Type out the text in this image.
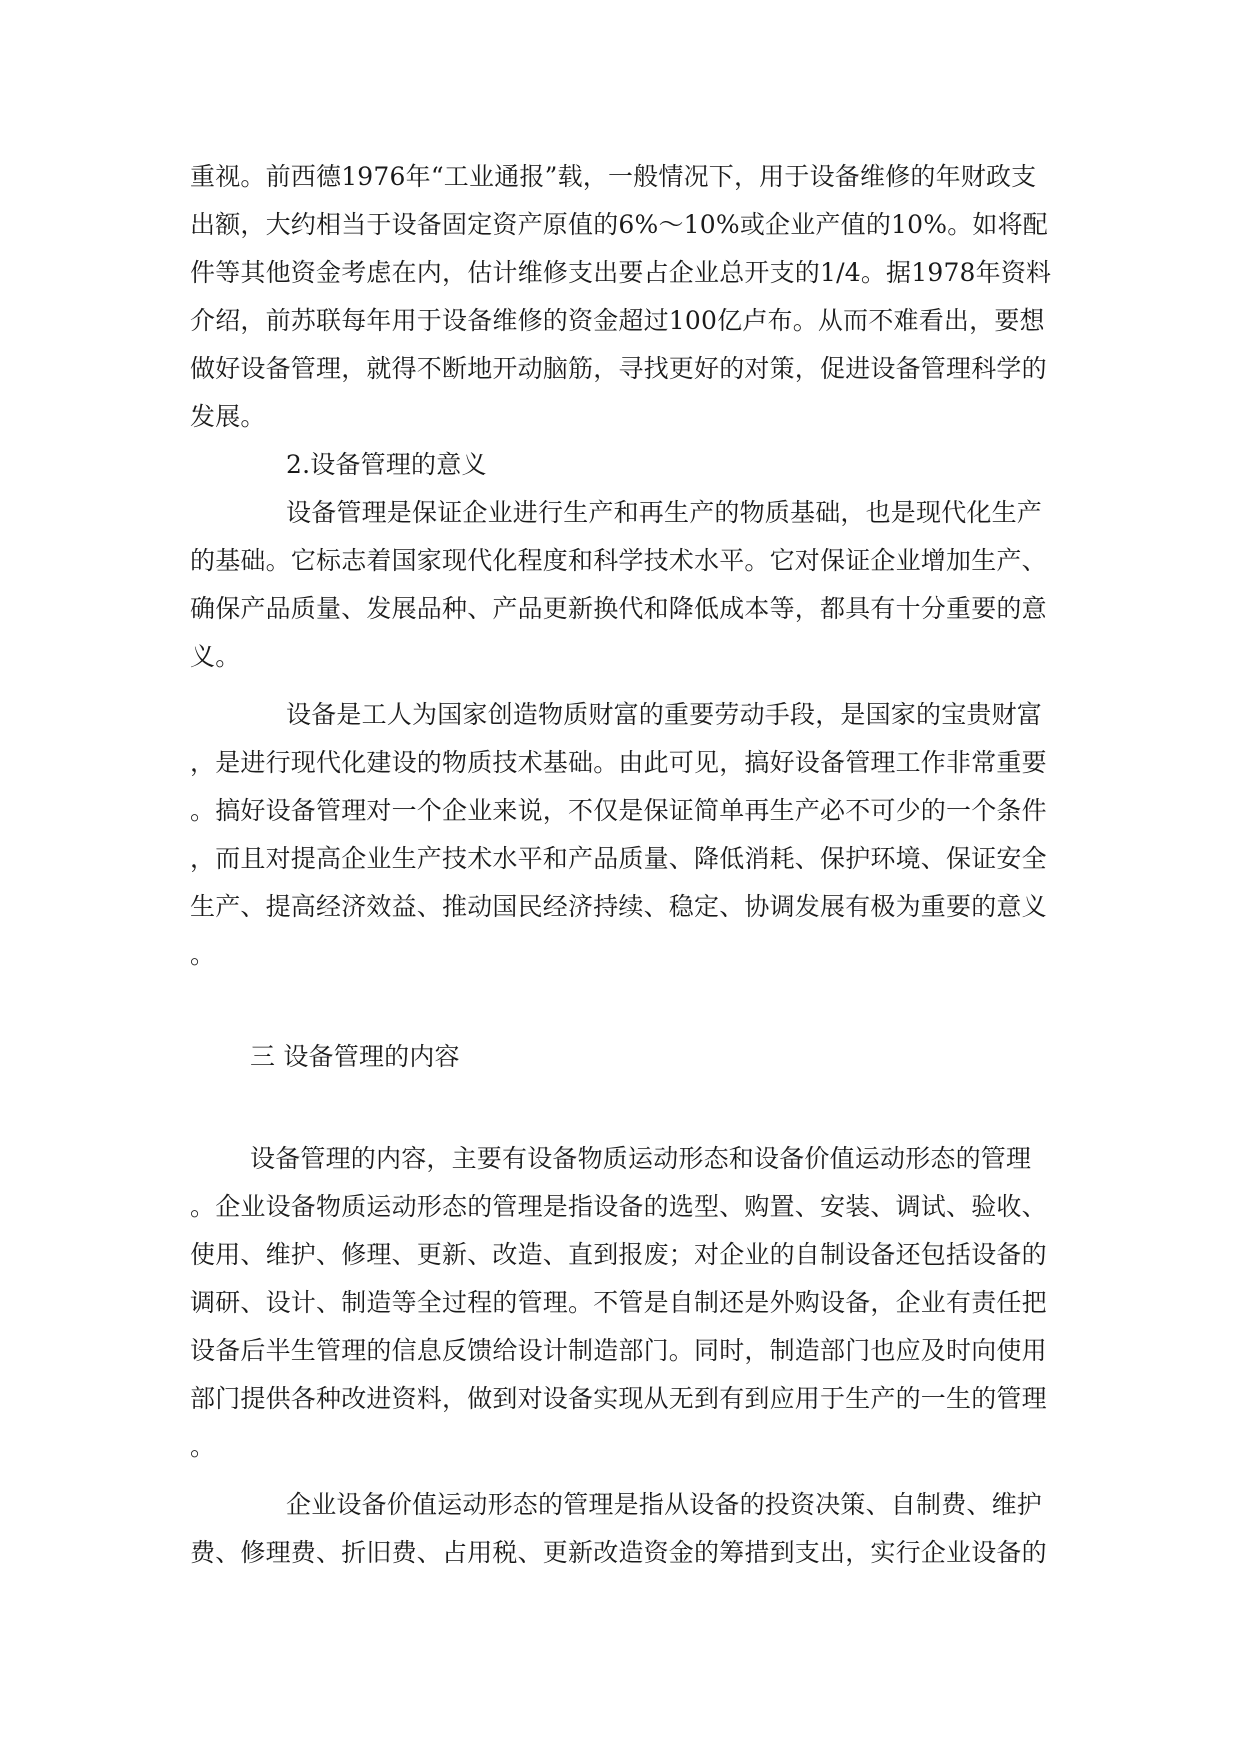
重视。前西德1976年“工业通报”载，一般情况下，用于设备维修的年财政支
出额，大约相当于设备固定资产原值的6%～10%或企业产值的10%。如将配
件等其他资金考虑在内，估计维修支出要占企业总开支的1/4。据1978年资料
介绍，前苏联每年用于设备维修的资金超过100亿卢布。从而不难看出，要想
做好设备管理，就得不断地开动脑筋，寻找更好的对策，促进设备管理科学的
发展。
2.设备管理的意义
设备管理是保证企业进行生产和再生产的物质基础，也是现代化生产
的基础。它标志着国家现代化程度和科学技术水平。它对保证企业增加生产、
确保产品质量、发展品种、产品更新换代和降低成本等，都具有十分重要的意
义。
设备是工人为国家创造物质财富的重要劳动手段，是国家的宝贵财富
，是进行现代化建设的物质技术基础。由此可见，搞好设备管理工作非常重要
。搞好设备管理对一个企业来说，不仅是保证简单再生产必不可少的一个条件
，而且对提高企业生产技术水平和产品质量、降低消耗、保护环境、保证安全
生产、提高经济效益、推动国民经济持续、稳定、协调发展有极为重要的意义
。
三 设备管理的内容
设备管理的内容，主要有设备物质运动形态和设备价值运动形态的管理
。企业设备物质运动形态的管理是指设备的选型、购置、安装、调试、验收、
使用、维护、修理、更新、改造、直到报废；对企业的自制设备还包括设备的
调研、设计、制造等全过程的管理。不管是自制还是外购设备，企业有责任把
设备后半生管理的信息反馈给设计制造部门。同时，制造部门也应及时向使用
部门提供各种改进资料，做到对设备实现从无到有到应用于生产的一生的管理
。
企业设备价值运动形态的管理是指从设备的投资决策、自制费、维护
费、修理费、折旧费、占用税、更新改造资金的筹措到支出，实行企业设备的
